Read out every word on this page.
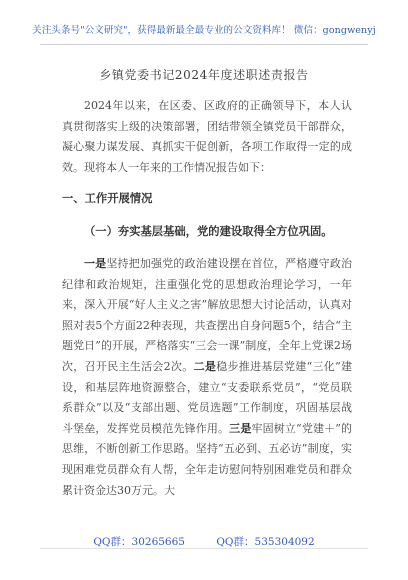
关注头条号"公文研究"，获得最新最全最专业的公文资料库！ 微信：gongwenyj
乡镇党委书记2024年度述职述责报告
2024年以来，在区委、区政府的正确领导下，本人认真贯彻落实上级的决策部署，团结带领全镇党员干部群众，凝心聚力谋发展、真抓实干促创新，各项工作取得一定的成效。现将本人一年来的工作情况报告如下：
一、工作开展情况
（一）夯实基层基础，党的建设取得全方位巩固。
一是坚持把加强党的政治建设摆在首位，严格遵守政治纪律和政治规矩，注重强化党的思想政治理论学习，一年来，深入开展“好人主义之害”解放思想大讨论活动，认真对照对表5个方面22种表现，共查摆出自身问题5个，结合“主题党日”的开展，严格落实“三会一课”制度，全年上党课2场次，召开民主生活会2次。二是稳步推进基层党建“三化”建设，和基层阵地资源整合，建立“支委联系党员”，“党员联系群众”以及“支部出题、党员选题”工作制度，巩固基层战斗堡垒，发挥党员模范先锋作用。三是牢固树立“党建＋”的思维，不断创新工作思路。坚持“五必到、五必访”制度，实现困难党员群众有人帮，全年走访慰问特别困难党员和群众累计资金达30万元。大
QQ群：30265665	QQ群：535304092
